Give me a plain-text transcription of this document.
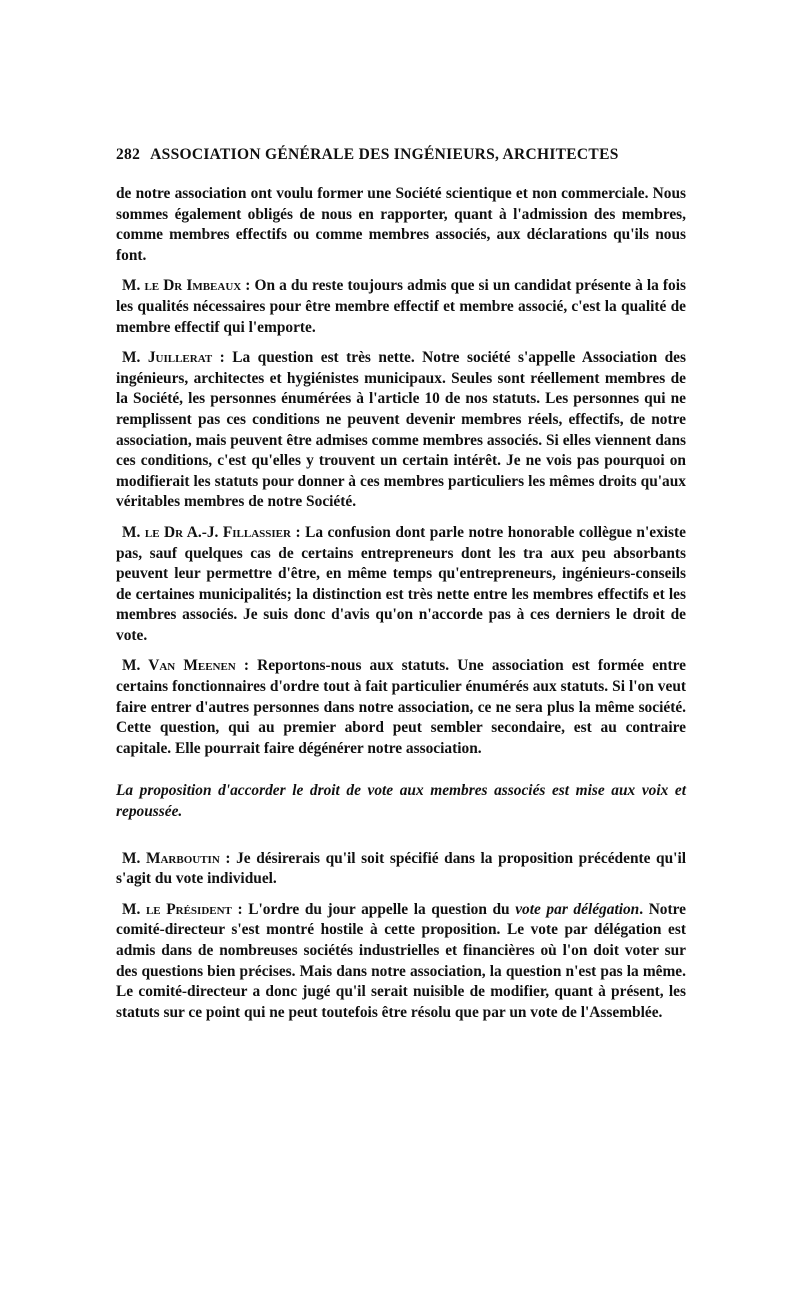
282 ASSOCIATION GÉNÉRALE DES INGÉNIEURS, ARCHITECTES

de notre association ont voulu former une Société scientique et non commerciale. Nous sommes également obligés de nous en rapporter, quant à l'admission des membres, comme membres effectifs ou comme membres associés, aux déclarations qu'ils nous font.

M. le Dr Imbeaux : On a du reste toujours admis que si un candidat présente à la fois les qualités nécessaires pour être membre effectif et membre associé, c'est la qualité de membre effectif qui l'emporte.

M. Juillerat : La question est très nette. Notre société s'appelle Association des ingénieurs, architectes et hygiénistes municipaux. Seules sont réellement membres de la Société, les personnes énumérées à l'article 10 de nos statuts. Les personnes qui ne remplissent pas ces conditions ne peuvent devenir membres réels, effectifs, de notre association, mais peuvent être admises comme membres associés. Si elles viennent dans ces conditions, c'est qu'elles y trouvent un certain intérêt. Je ne vois pas pourquoi on modifierait les statuts pour donner à ces membres particuliers les mêmes droits qu'aux véritables membres de notre Société.

M. le Dr A.-J. Fillassier : La confusion dont parle notre honorable collègue n'existe pas, sauf quelques cas de certains entrepreneurs dont les tra aux peu absorbants peuvent leur permettre d'être, en même temps qu'entrepreneurs, ingénieurs-conseils de certaines municipalités; la distinction est très nette entre les membres effectifs et les membres associés. Je suis donc d'avis qu'on n'accorde pas à ces derniers le droit de vote.

M. Van Meenen : Reportons-nous aux statuts. Une association est formée entre certains fonctionnaires d'ordre tout à fait particulier énumérés aux statuts. Si l'on veut faire entrer d'autres personnes dans notre association, ce ne sera plus la même société. Cette question, qui au premier abord peut sembler secondaire, est au contraire capitale. Elle pourrait faire dégénérer notre association.

La proposition d'accorder le droit de vote aux membres associés est mise aux voix et repoussée.

M. Marboutin : Je désirerais qu'il soit spécifié dans la proposition précédente qu'il s'agit du vote individuel.

M. le Président : L'ordre du jour appelle la question du vote par délégation. Notre comité-directeur s'est montré hostile à cette proposition. Le vote par délégation est admis dans de nombreuses sociétés industrielles et financières où l'on doit voter sur des questions bien précises. Mais dans notre association, la question n'est pas la même. Le comité-directeur a donc jugé qu'il serait nuisible de modifier, quant à présent, les statuts sur ce point qui ne peut toutefois être résolu que par un vote de l'Assemblée.
